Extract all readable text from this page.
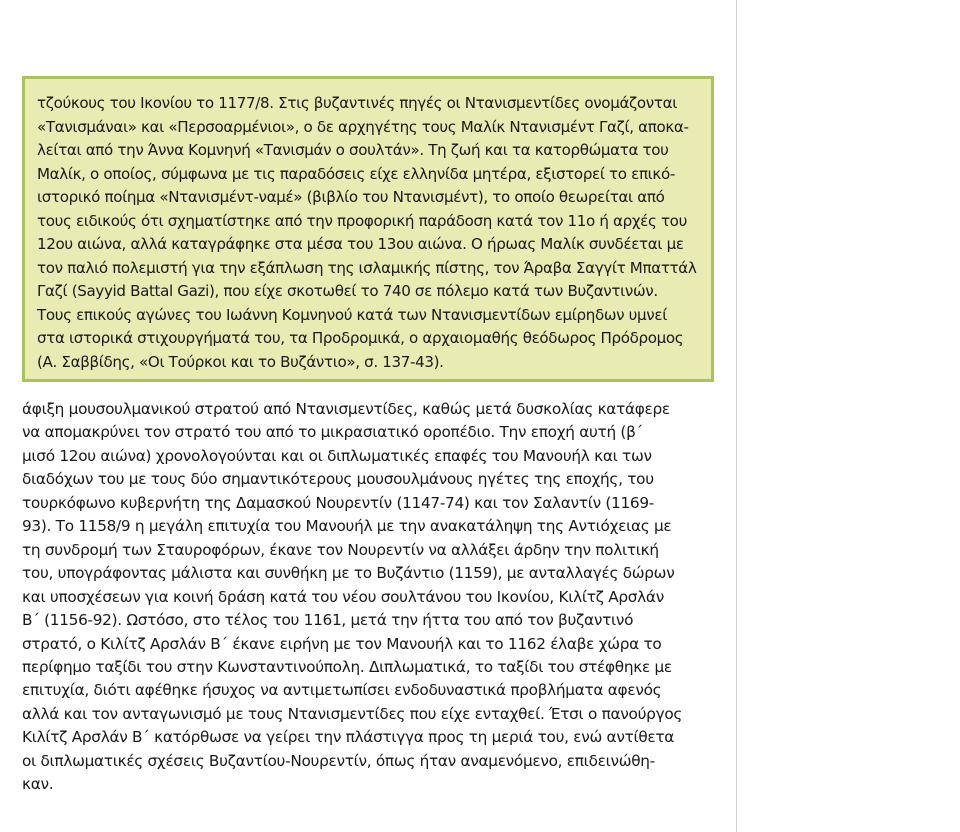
τζούκους του Ικονίου το 1177/8. Στις βυζαντινές πηγές οι Ντανισμεντίδες ονομάζονται
«Τανισμάναι» και «Περσοαρμένιοι», ο δε αρχηγέτης τους Μαλίκ Ντανισμέντ Γαζί, αποκα-
λείται από την Άννα Κομνηνή «Τανισμάν ο σουλτάν». Τη ζωή και τα κατορθώματα του
Μαλίκ, ο οποίος, σύμφωνα με τις παραδόσεις είχε ελληνίδα μητέρα, εξιστορεί το επικό-
ιστορικό ποίημα «Ντανισμέντ-ναμέ» (βιβλίο του Ντανισμέντ), το οποίο θεωρείται από
τους ειδικούς ότι σχηματίστηκε από την προφορική παράδοση κατά τον 11ο ή αρχές του
12ου αιώνα, αλλά καταγράφηκε στα μέσα του 13ου αιώνα. Ο ήρωας Μαλίκ συνδέεται με
τον παλιό πολεμιστή για την εξάπλωση της ισλαμικής πίστης, τον Άραβα Σαγγίτ Μπαττάλ
Γαζί (Sayyid Battal Gazi), που είχε σκοτωθεί το 740 σε πόλεμο κατά των Βυζαντινών.
Τους επικούς αγώνες του Ιωάννη Κομνηνού κατά των Ντανισμεντίδων εμίρηδων υμνεί
στα ιστορικά στιχουργήματά του, τα Προδρομικά, ο αρχαιομαθής θεόδωρος Πρόδρομος
(Α. Σαββίδης, «Οι Τούρκοι και το Βυζάντιο», σ. 137-43).
άφιξη μουσουλμανικού στρατού από Ντανισμεντίδες, καθώς μετά δυσκολίας κατάφερε
να απομακρύνει τον στρατό του από το μικρασιατικό οροπέδιο. Την εποχή αυτή (β΄
μισό 12ου αιώνα) χρονολογούνται και οι διπλωματικές επαφές του Μανουήλ και των
διαδόχων του με τους δύο σημαντικότερους μουσουλμάνους ηγέτες της εποχής, του
τουρκόφωνο κυβερνήτη της Δαμασκού Νουρεντίν (1147-74) και τον Σαλαντίν (1169-
93). Το 1158/9 η μεγάλη επιτυχία του Μανουήλ με την ανακατάληψη της Αντιόχειας με
τη συνδρομή των Σταυροφόρων, έκανε τον Νουρεντίν να αλλάξει άρδην την πολιτική
του, υπογράφοντας μάλιστα και συνθήκη με το Βυζάντιο (1159), με ανταλλαγές δώρων
και υποσχέσεων για κοινή δράση κατά του νέου σουλτάνου του Ικονίου, Κιλίτζ Αρσλάν
Β΄ (1156-92). Ωστόσο, στο τέλος του 1161, μετά την ήττα του από τον βυζαντινό
στρατό, ο Κιλίτζ Αρσλάν Β΄ έκανε ειρήνη με τον Μανουήλ και το 1162 έλαβε χώρα το
περίφημο ταξίδι του στην Κωνσταντινούπολη. Διπλωματικά, το ταξίδι του στέφθηκε με
επιτυχία, διότι αφέθηκε ήσυχος να αντιμετωπίσει ενδοδυναστικά προβλήματα αφενός
αλλά και τον ανταγωνισμό με τους Ντανισμεντίδες που είχε ενταχθεί. Έτσι ο πανούργος
Κιλίτζ Αρσλάν Β΄ κατόρθωσε να γείρει την πλάστιγγα προς τη μεριά του, ενώ αντίθετα
οι διπλωματικές σχέσεις Βυζαντίου-Νουρεντίν, όπως ήταν αναμενόμενο, επιδεινώθη-
καν.
